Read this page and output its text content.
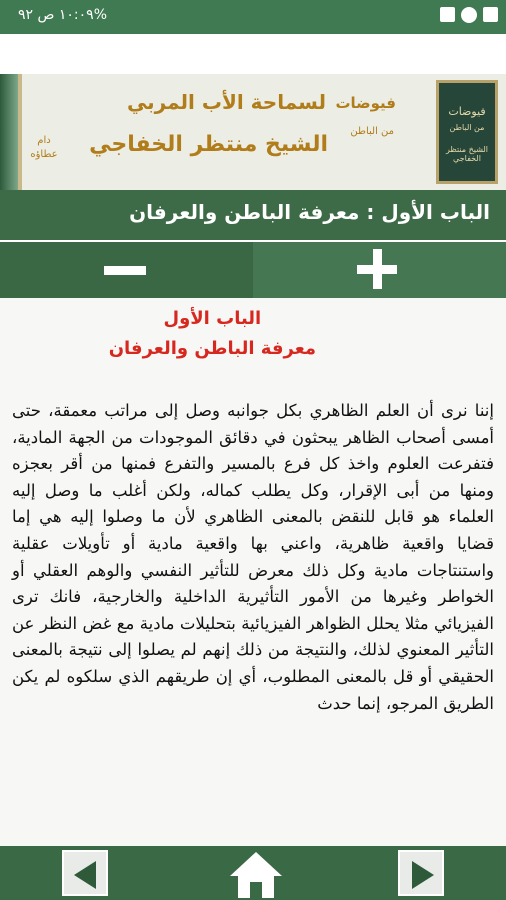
١٠:٠٩ ص ٩٢%
فيوضات
من الباطن
الشيخ منتظر الخفاجي
فيوضات
من الباطن
لسماحة الأب المربي
الشيخ منتظر الخفاجي
دام عطاؤه
الباب الأول : معرفة الباطن والعرفان
الباب الأول
معرفة الباطن والعرفان
إننا نرى أن العلم الظاهري بكل جوانبه وصل إلى مراتب معمقة، حتى أمسى أصحاب الظاهر يبحثون في دقائق الموجودات من الجهة المادية، فتفرعت العلوم واخذ كل فرع بالمسير والتفرع فمنها من أقر بعجزه ومنها من أبى الإقرار، وكل يطلب كماله، ولكن أغلب ما وصل إليه العلماء هو قابل للنقض بالمعنى الظاهري لأن ما وصلوا إليه هي إما قضايا واقعية ظاهرية، واعني بها واقعية مادية أو تأويلات عقلية واستنتاجات مادية وكل ذلك معرض للتأثير النفسي والوهم العقلي أو الخواطر وغيرها من الأمور التأثيرية الداخلية والخارجية، فانك ترى الفيزيائي مثلا يحلل الظواهر الفيزيائية بتحليلات مادية مع غض النظر عن التأثير المعنوي لذلك، والنتيجة من ذلك إنهم لم يصلوا إلى نتيجة بالمعنى الحقيقي أو قل بالمعنى المطلوب، أي إن طريقهم الذي سلكوه لم يكن الطريق المرجو، إنما حدث
